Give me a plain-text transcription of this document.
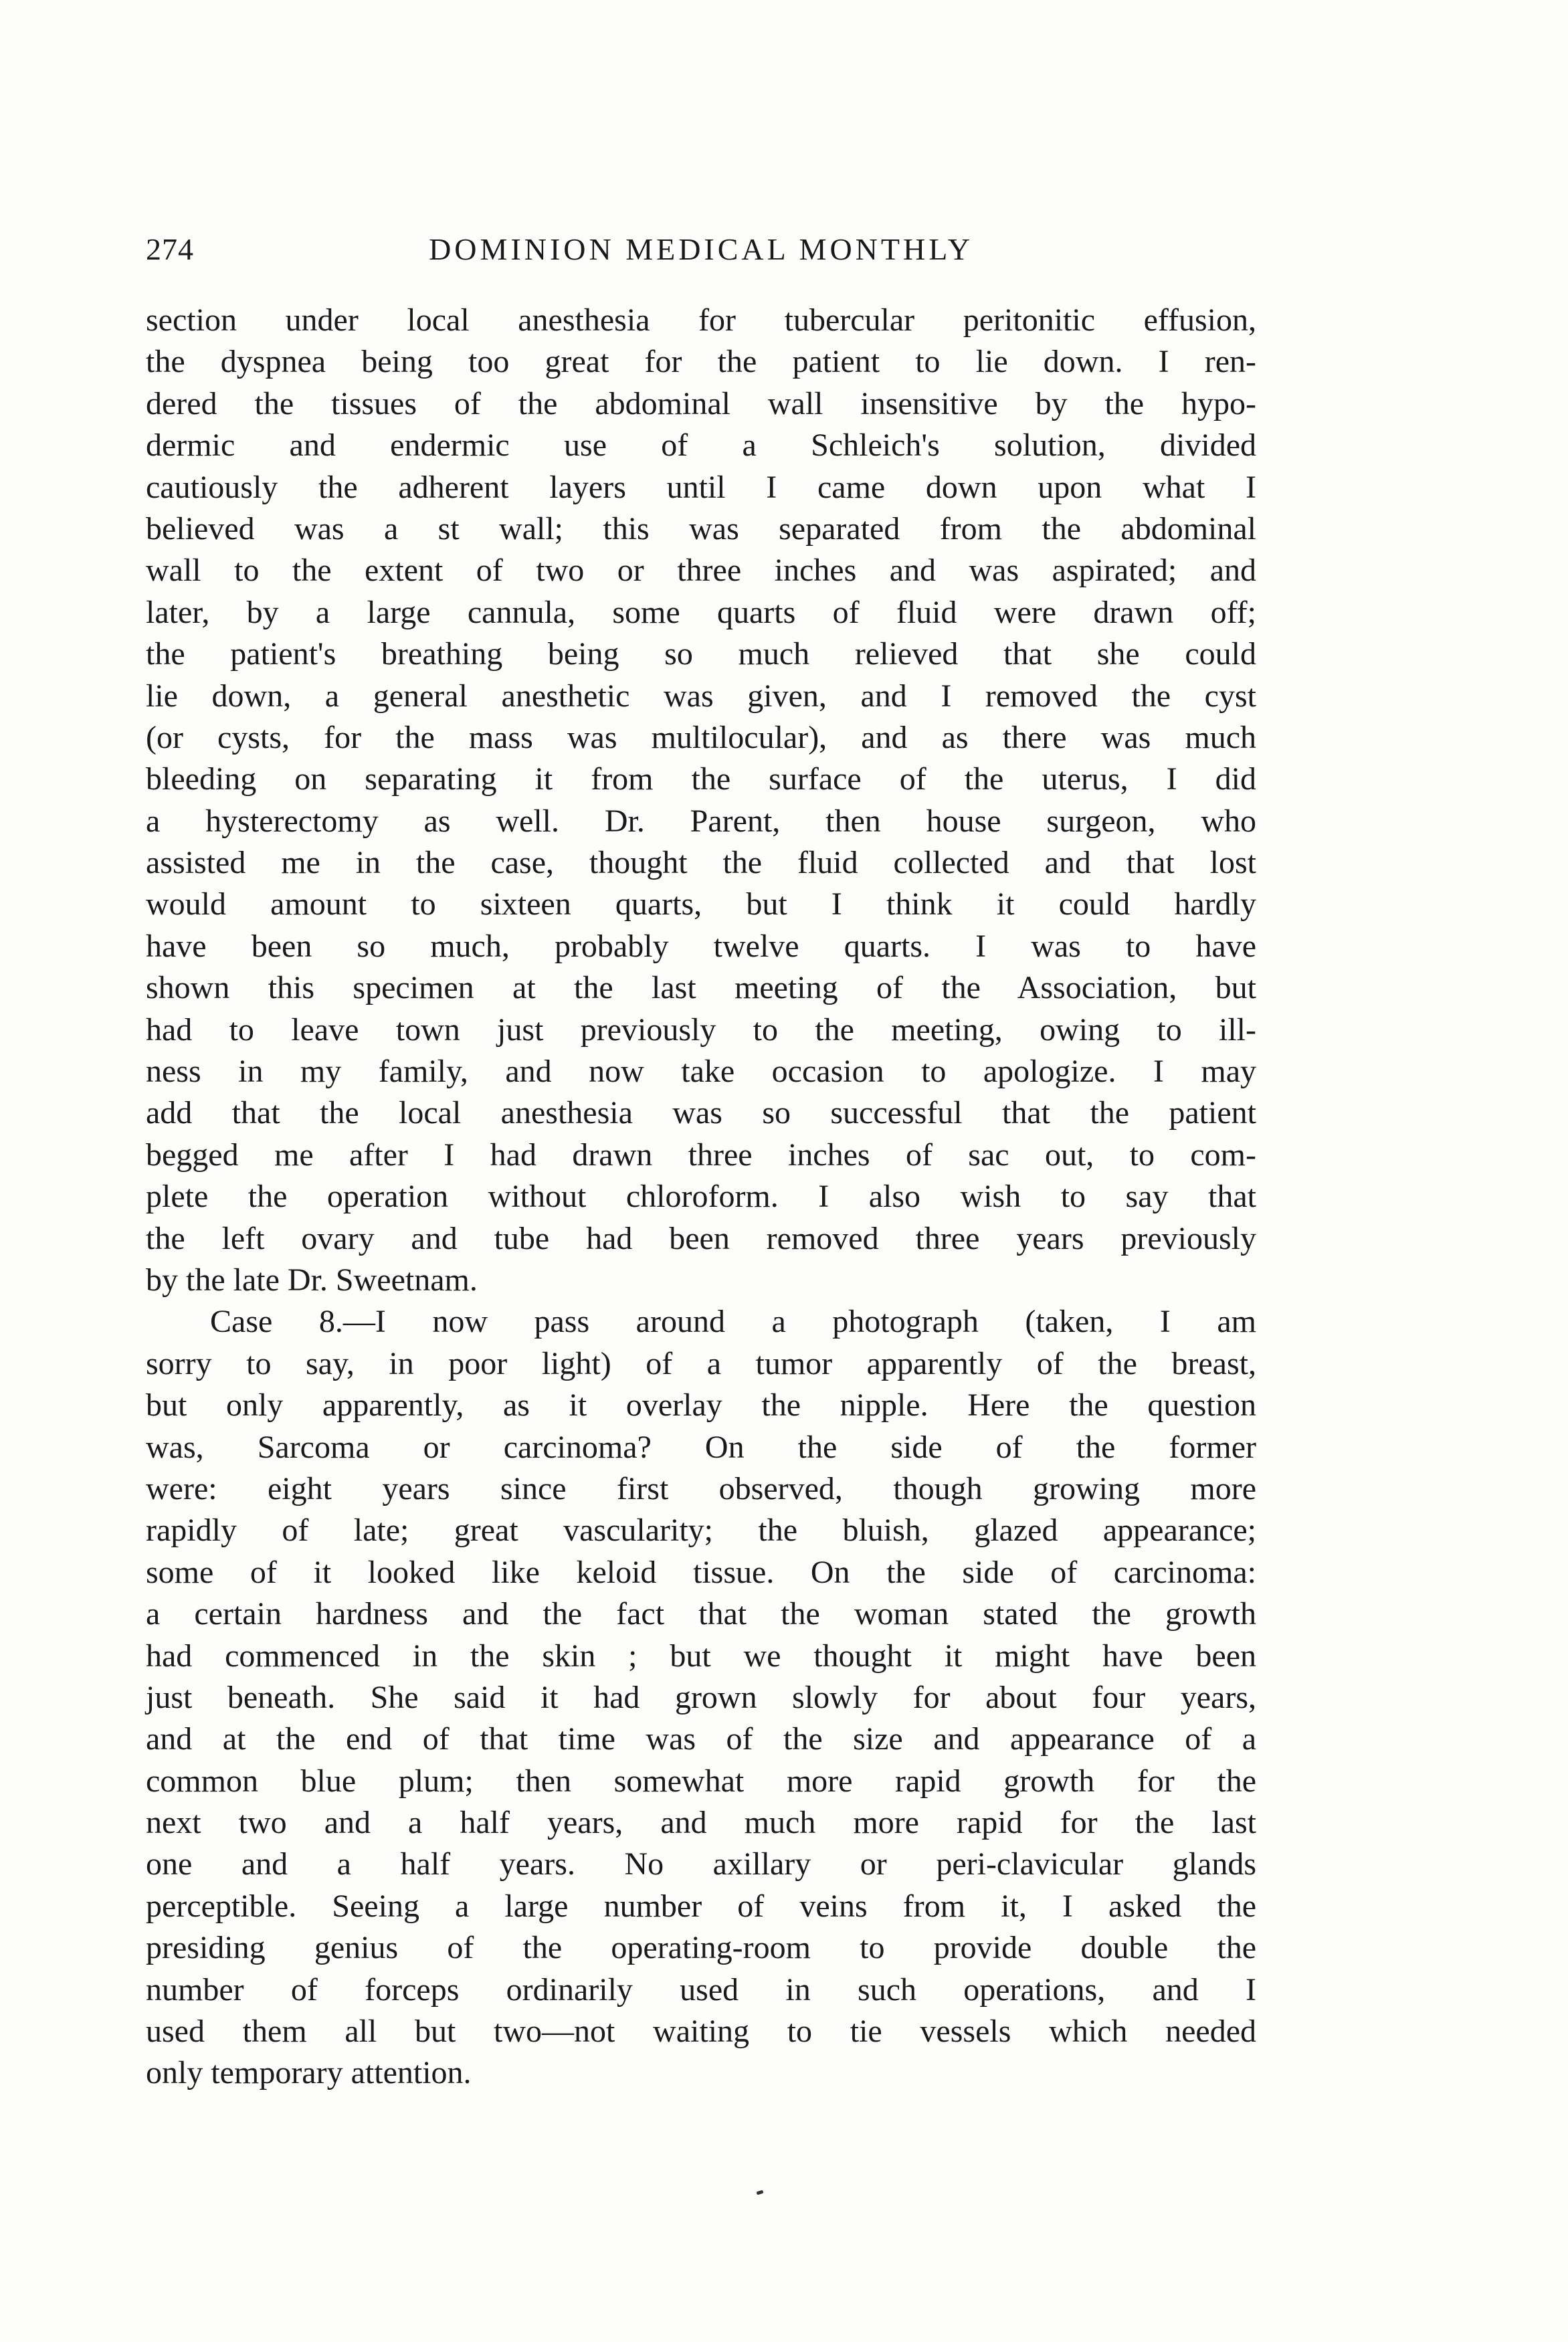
274	DOMINION MEDICAL MONTHLY
section under local anesthesia for tubercular peritonitic effusion,
the dyspnea being too great for the patient to lie down. I ren-
dered the tissues of the abdominal wall insensitive by the hypo-
dermic and endermic use of a Schleich's solution, divided
cautiously the adherent layers until I came down upon what I
believed was a st wall; this was separated from the abdominal
wall to the extent of two or three inches and was aspirated; and
later, by a large cannula, some quarts of fluid were drawn off;
the patient's breathing being so much relieved that she could
lie down, a general anesthetic was given, and I removed the cyst
(or cysts, for the mass was multilocular), and as there was much
bleeding on separating it from the surface of the uterus, I did
a hysterectomy as well. Dr. Parent, then house surgeon, who
assisted me in the case, thought the fluid collected and that lost
would amount to sixteen quarts, but I think it could hardly
have been so much, probably twelve quarts. I was to have
shown this specimen at the last meeting of the Association, but
had to leave town just previously to the meeting, owing to ill-
ness in my family, and now take occasion to apologize. I may
add that the local anesthesia was so successful that the patient
begged me after I had drawn three inches of sac out, to com-
plete the operation without chloroform. I also wish to say that
the left ovary and tube had been removed three years previously
by the late Dr. Sweetnam.
Case 8.—I now pass around a photograph (taken, I am
sorry to say, in poor light) of a tumor apparently of the breast,
but only apparently, as it overlay the nipple. Here the question
was, Sarcoma or carcinoma? On the side of the former
were: eight years since first observed, though growing more
rapidly of late; great vascularity; the bluish, glazed appearance;
some of it looked like keloid tissue. On the side of carcinoma:
a certain hardness and the fact that the woman stated the growth
had commenced in the skin ; but we thought it might have been
just beneath. She said it had grown slowly for about four years,
and at the end of that time was of the size and appearance of a
common blue plum; then somewhat more rapid growth for the
next two and a half years, and much more rapid for the last
one and a half years. No axillary or peri-clavicular glands
perceptible. Seeing a large number of veins from it, I asked the
presiding genius of the operating-room to provide double the
number of forceps ordinarily used in such operations, and I
used them all but two—not waiting to tie vessels which needed
only temporary attention.
